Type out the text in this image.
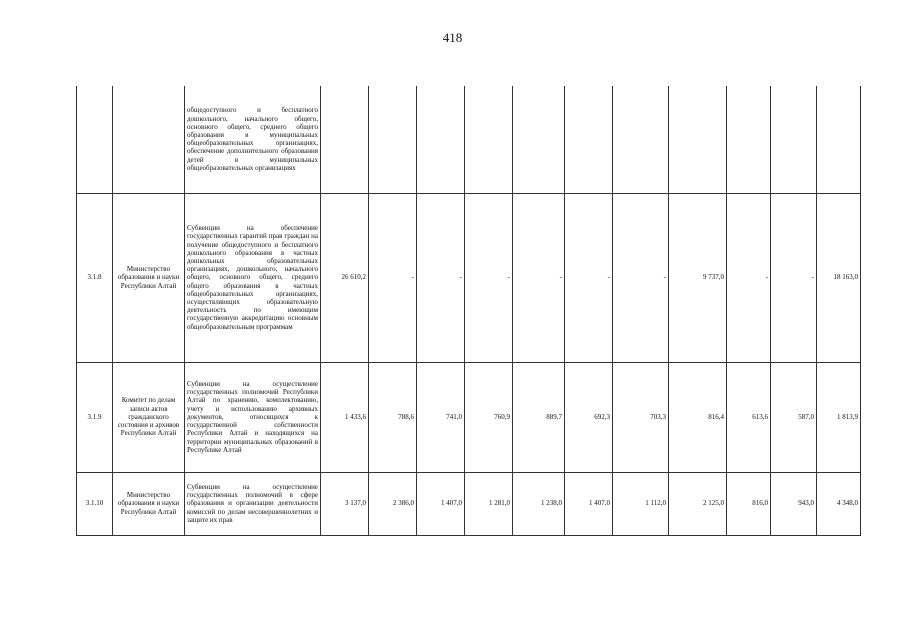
418
		общедоступного и бесплатного дошкольного, начального общего, основного общего, среднего общего образования в муниципальных общеобразовательных организациях, обеспечение дополнительного образования детей в муниципальных общеобразовательных организациях											
3.1.8	Министерство образования и науки Республики Алтай	Субвенции на обеспечение государственных гарантий прав граждан на получение общедоступного и бесплатного дошкольного образования в частных дошкольных образовательных организациях, дошкольного, начального общего, основного общего, среднего общего образования в частных общеобразовательных организациях, осуществляющих образовательную деятельность по имеющим государственную аккредитацию основным общеобразовательным программам	26 610,2	-	-	-	-	-	-	9 737,0	-	-	18 163,0
3.1.9	Комитет по делам записи актов гражданского состояния и архивов Республики Алтай	Субвенции на осуществление государственных полномочий Республики Алтай по хранению, комплектованию, учету и использованию архивных документов, относящихся к государственной собственности Республики Алтай и находящихся на территории муниципальных образований в Республике Алтай	1 433,6	788,6	741,0	760,9	889,7	692,3	703,3	816,4	613,6	587,0	1 813,9
3.1.10	Министерство образования и науки Республики Алтай	Субвенции на осуществление государственных полномочий в сфере образования и организации деятельности комиссий по делам несовершеннолетних и защите их прав	3 137,0	2 386,0	1 407,0	1 281,0	1 238,0	1 407,0	1 112,0	2 125,0	816,0	943,0	4 348,0
